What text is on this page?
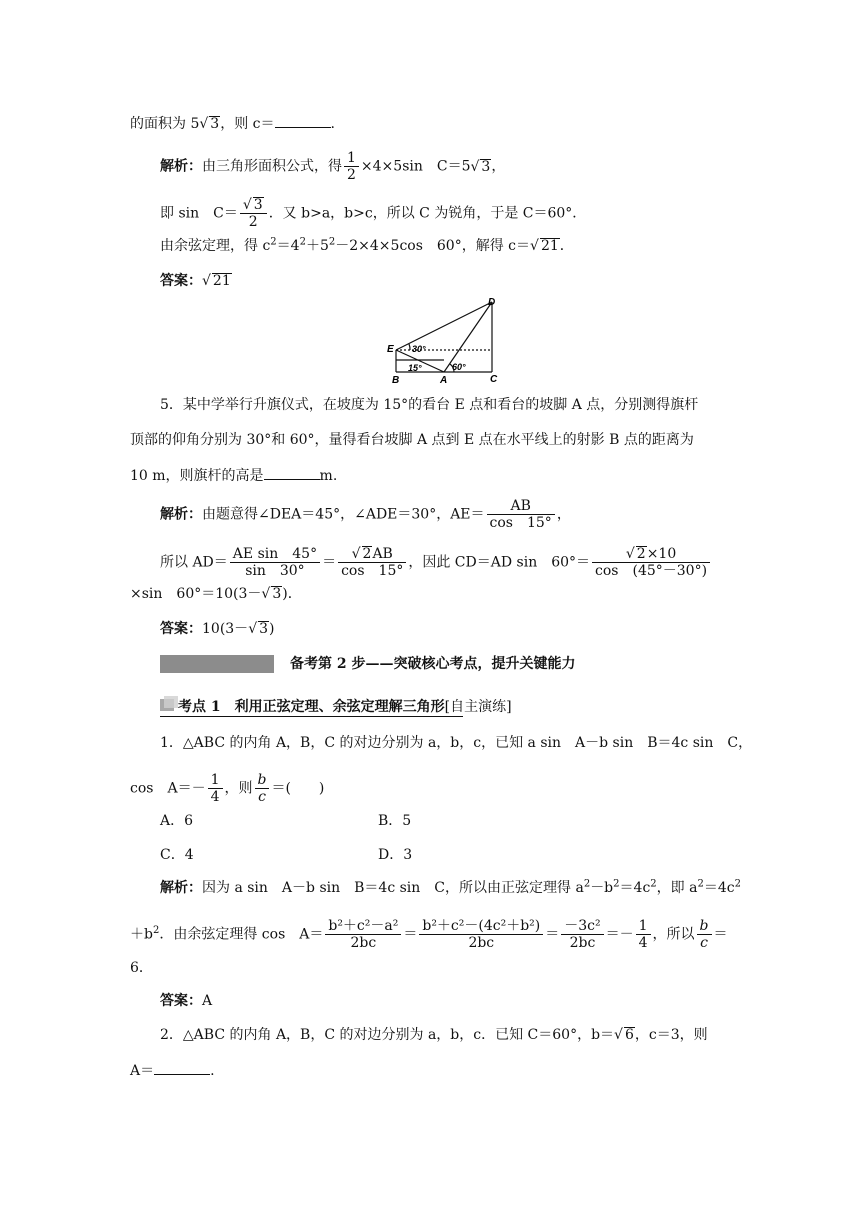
的面积为 5√ 3，则 c＝	.
解析：由三角形面积公式，得 $\frac{1}{2} \times 4\times 5\sin$　C＝5√ 3，
即 sin　$C= \frac{√ 3}{2}$ ．又 b>a，b>c，所以 C 为锐角，于是 C＝60°．
由余弦定理，得 $c^2=4^2+5^2-2\times 4\times 5\cos$　60°，解得 c＝√ 21．
答案：√ 21
D
E
B	A	C
30°
15°	60°
5．某中学举行升旗仪式，在坡度为 15°的看台 E 点和看台的坡脚 A 点，分别测得旗杆
顶部的仰角分别为 30°和 60°，量得看台坡脚 A 点到 E 点在水平线上的射影 B 点的距离为
10 m，则旗杆的高是	m.
解析：由题意得∠DEA＝45°，∠ADE＝30°，$AE= \frac{AB}{\cos 15^\circ}$ ，
所以 $AD= \frac{\text{AE sin　45°}}{\sin 30^\circ} = \frac{√ 2AB}{\cos 15^\circ}$ ，因此 CD＝AD sin　$60^\circ= \frac{√ 2\times 10}{\cos (45^\circ-30^\circ)}$
×sin　60°＝10(3－√ 3)．
答案：10(3－√ 3)
备考第 2 步——突破核心考点，提升关键能力
考点 1　利用正弦定理、余弦定理解三角形[自主演练]
1．△ABC 的内角 A，B，C 的对边分别为 a，b，c，已知 a sin　A－b sin　B＝4c sin　C，
cos　$A=- \frac{1}{4}$ ，则 $\frac{b}{c}$ ＝(　　)
A．6	B．5
C．4	D．3
解析：因为 a sin　A－b sin　B＝4c sin　C，所以由正弦定理得 $a^2-b^2=4c^2$，即 $a^2=4c^2$
$+b^2$．由余弦定理得 cos　$A= \frac{\text{b²＋c²－a²}}{2bc} = \frac{\text{b²＋c²－(4c²＋b²)}}{2bc} = \frac{\text{－3c²}}{2bc} =- \frac{1}{4}$ ，所以 $\frac{b}{c}$ ＝
6．
答案：A
2．△ABC 的内角 A，B，C 的对边分别为 a，b，c．已知 C＝60°，b＝√ 6，c＝3，则
A＝	.
